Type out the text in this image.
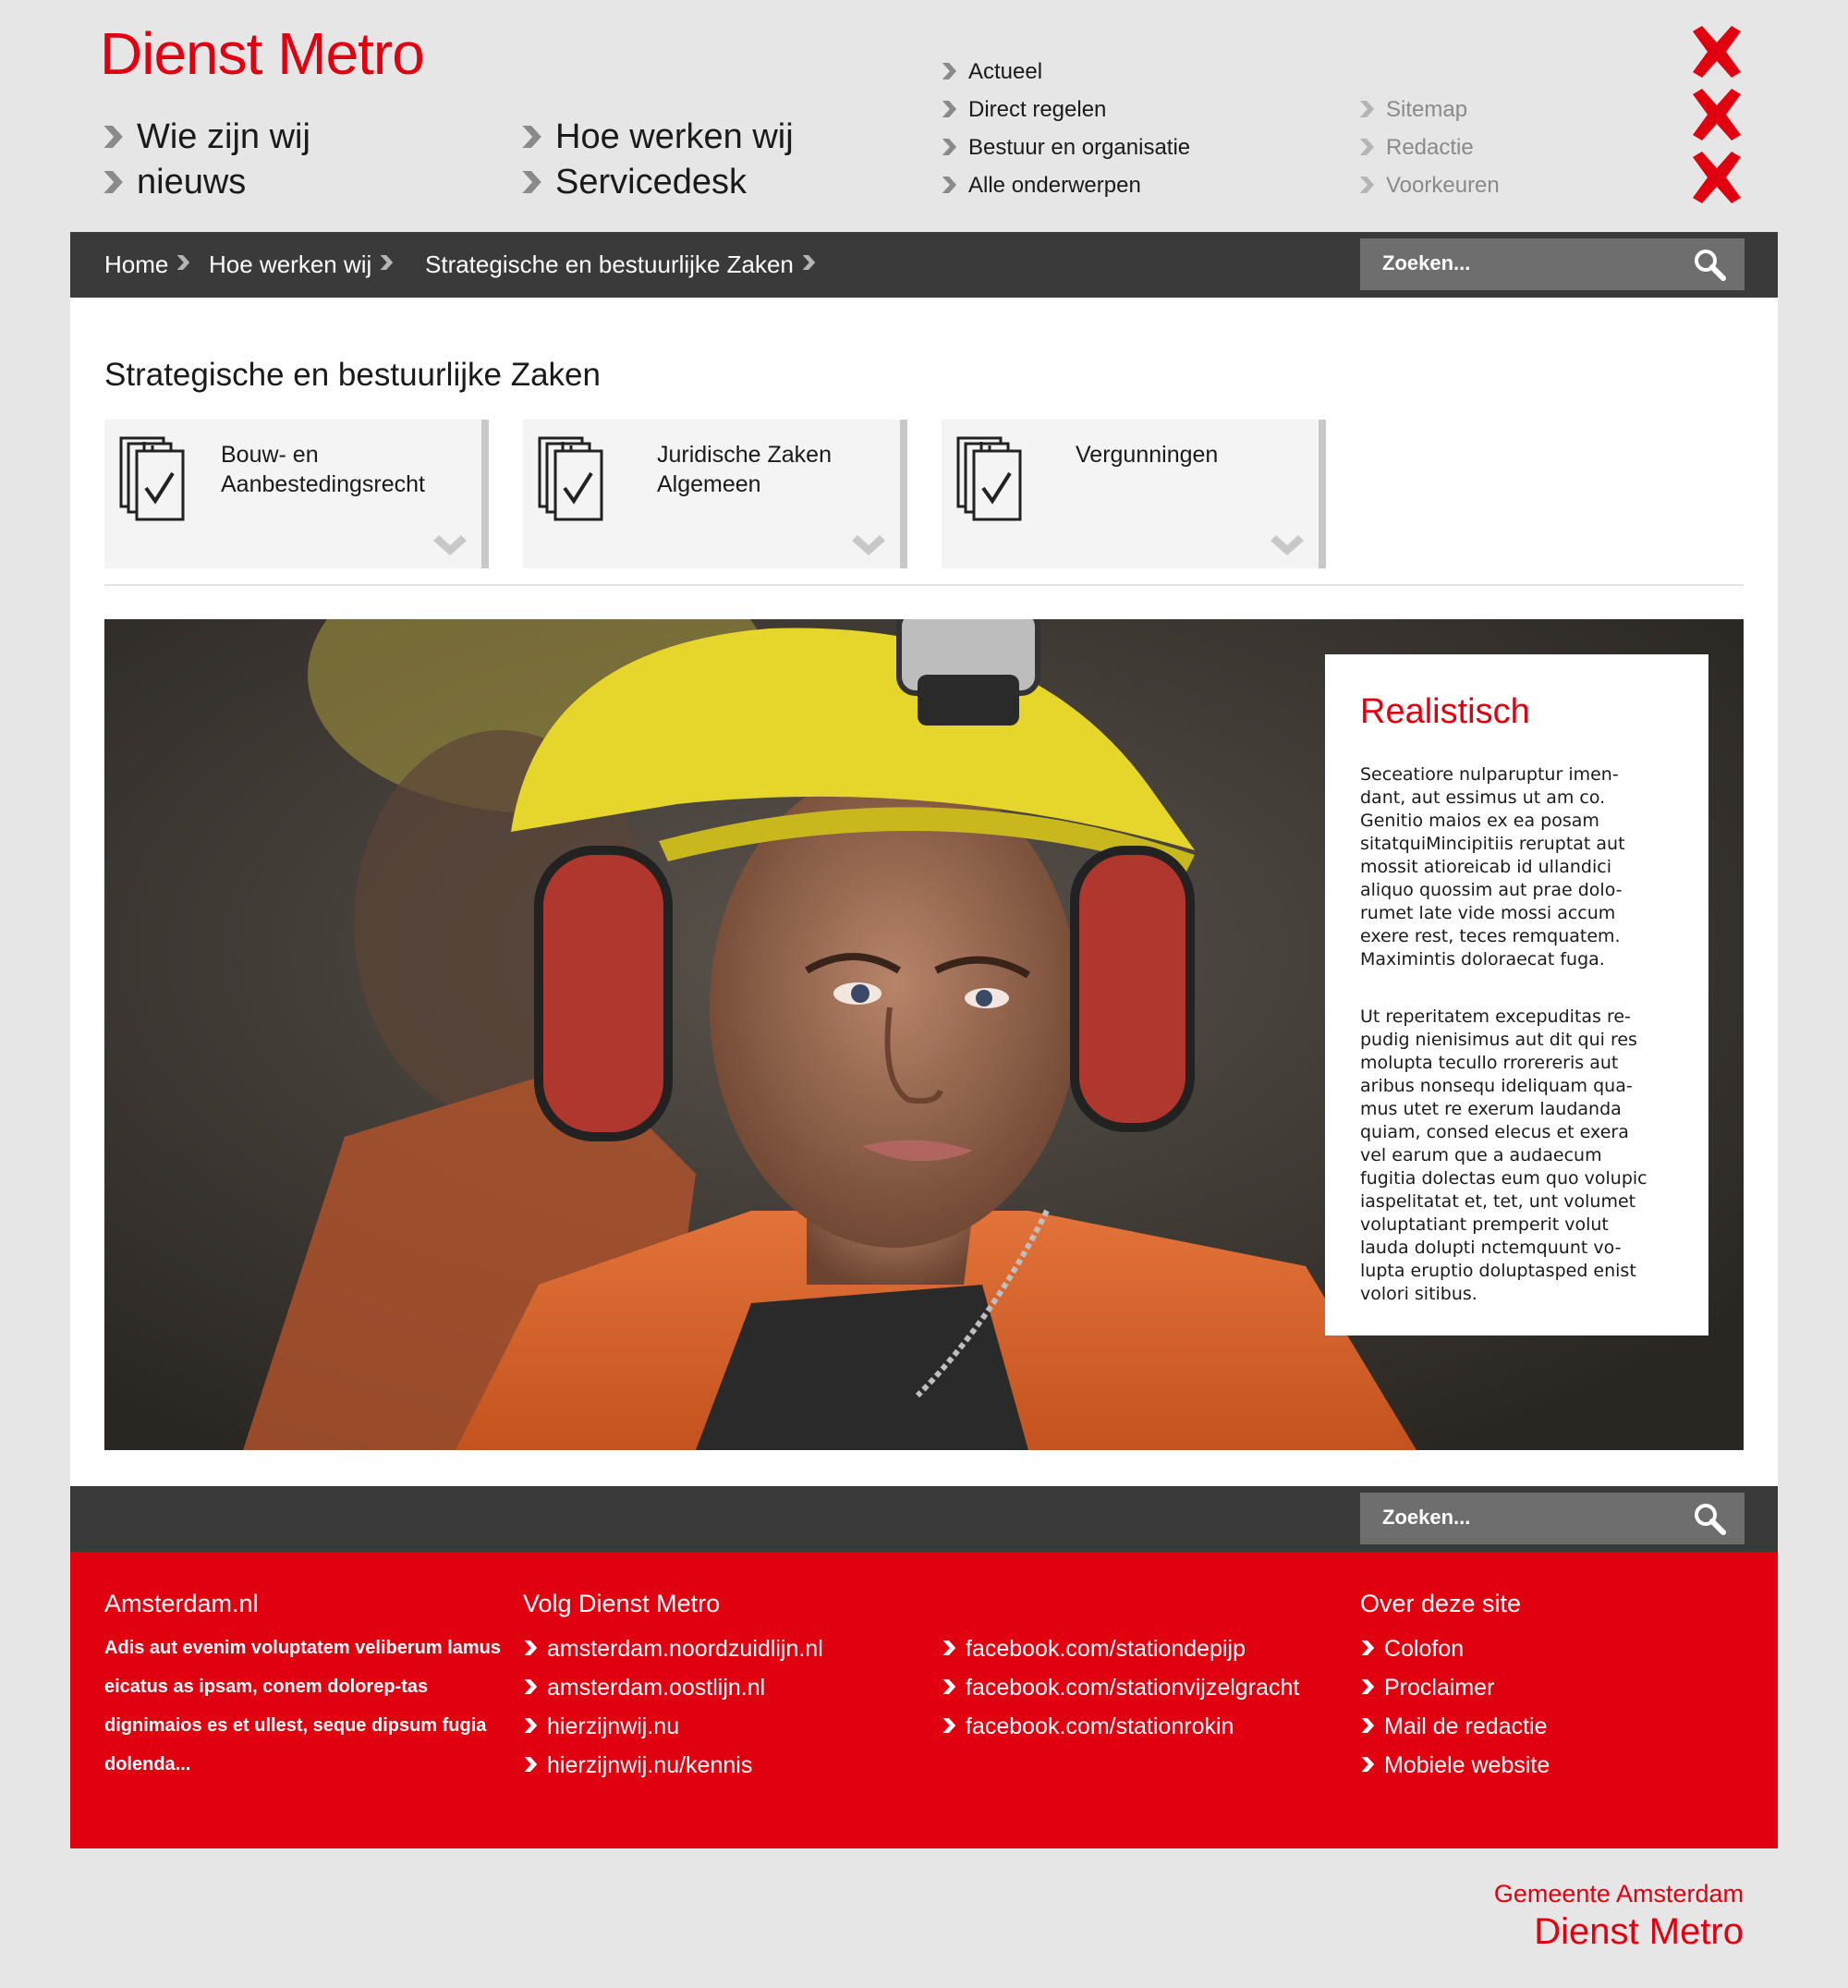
Dienst Metro
Wie zijn wij
nieuws
Hoe werken wij
Servicedesk
Actueel
Direct regelen
Bestuur en organisatie
Alle onderwerpen
Sitemap
Redactie
Voorkeuren
Home	Hoe werken wij	Strategische en bestuurlijke Zaken	Zoeken...
Strategische en bestuurlijke Zaken
Bouw- en
Aanbestedingsrecht
Juridische Zaken
Algemeen
Vergunningen
Realistisch
Seceatiore nulparuptur imen-
dant, aut essimus ut am co.
Genitio maios ex ea posam
sitatquiMincipitiis reruptat aut
mossit atioreicab id ullandici
aliquo quossim aut prae dolo-
rumet late vide mossi accum
exere rest, teces remquatem.
Maximintis doloraecat fuga.
Ut reperitatem excepuditas re-
pudig nienisimus aut dit qui res
molupta tecullo rrorereris aut
aribus nonsequ ideliquam qua-
mus utet re exerum laudanda
quiam, consed elecus et exera
vel earum que a audaecum
fugitia dolectas eum quo volupic
iaspelitatat et, tet, unt volumet
voluptatiant premperit volut
lauda dolupti nctemquunt vo-
lupta eruptio doluptasped enist
volori sitibus.
Zoeken...
Amsterdam.nl
Adis aut evenim voluptatem veliberum lamus eicatus as ipsam, conem dolorep-tas dignimaios es et ullest, seque dipsum fugia dolenda...
Volg Dienst Metro
amsterdam.noordzuidlijn.nl
amsterdam.oostlijn.nl
hierzijnwij.nu
hierzijnwij.nu/kennis
facebook.com/stationdepijp
facebook.com/stationvijzelgracht
facebook.com/stationrokin
Over deze site
Colofon
Proclaimer
Mail de redactie
Mobiele website
Gemeente Amsterdam
Dienst Metro
